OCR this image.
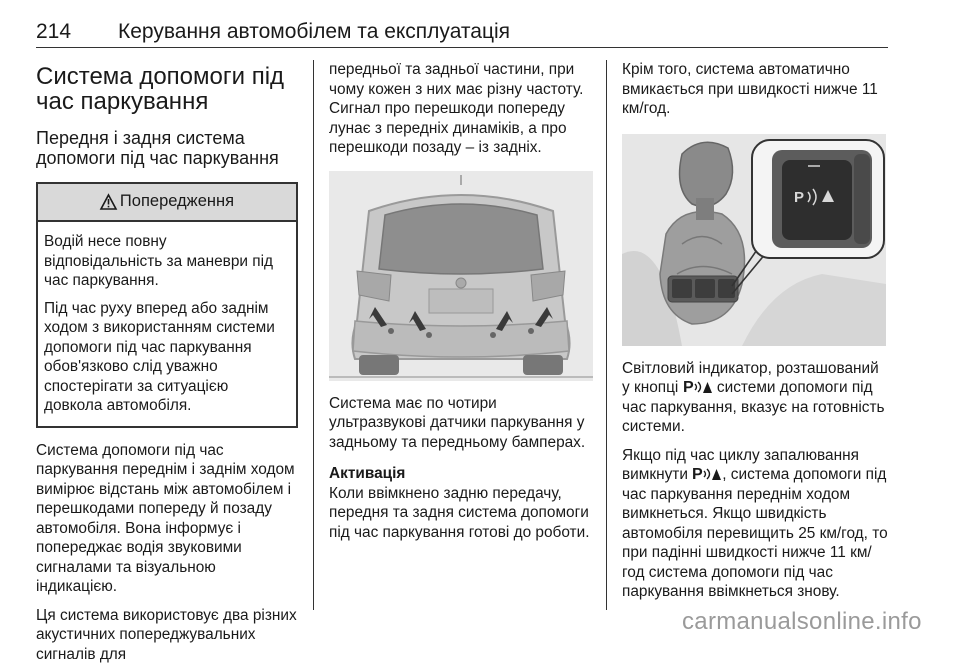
214 Керування автомобілем та експлуатація
Система допомоги під час паркування
Передня і задня система допомоги під час паркування
Попередження

Водій несе повну відповідальність за маневри під час паркування.

Під час руху вперед або заднім ходом з використанням системи допомоги під час паркування обов'язково слід уважно спостерігати за ситуацією довкола автомобіля.

Система допомоги під час паркування переднім і заднім ходом вимірює відстань між автомобілем і перешкодами попереду й позаду автомобіля. Вона інформує і попереджає водія звуковими сигналами та візуальною індикацією.

Ця система використовує два різних акустичних попереджувальних сигналів для

передньої та задньої частини, при чому кожен з них має різну частоту. Сигнал про перешкоди попереду лунає з передніх динаміків, а про перешкоди позаду – із задніх.

Система має по чотири ультразвукові датчики паркування у задньому та передньому бамперах.

Активація

Коли ввімкнено задню передачу, передня та задня система допомоги під час паркування готові до роботи.

Крім того, система автоматично вмикається при швидкості нижче 11 км/год.

P

Світловий індикатор, розташований у кнопці P системи допомоги під час паркування, вказує на готовність системи.

Якщо під час циклу запалювання вимкнути P , система допомоги під час паркування переднім ходом вимкнеться. Якщо швидкість автомобіля перевищить 25 км/год, то при падінні швидкості нижче 11 км/год система допомоги під час паркування ввімкнеться знову.

carmanualsonline.info
